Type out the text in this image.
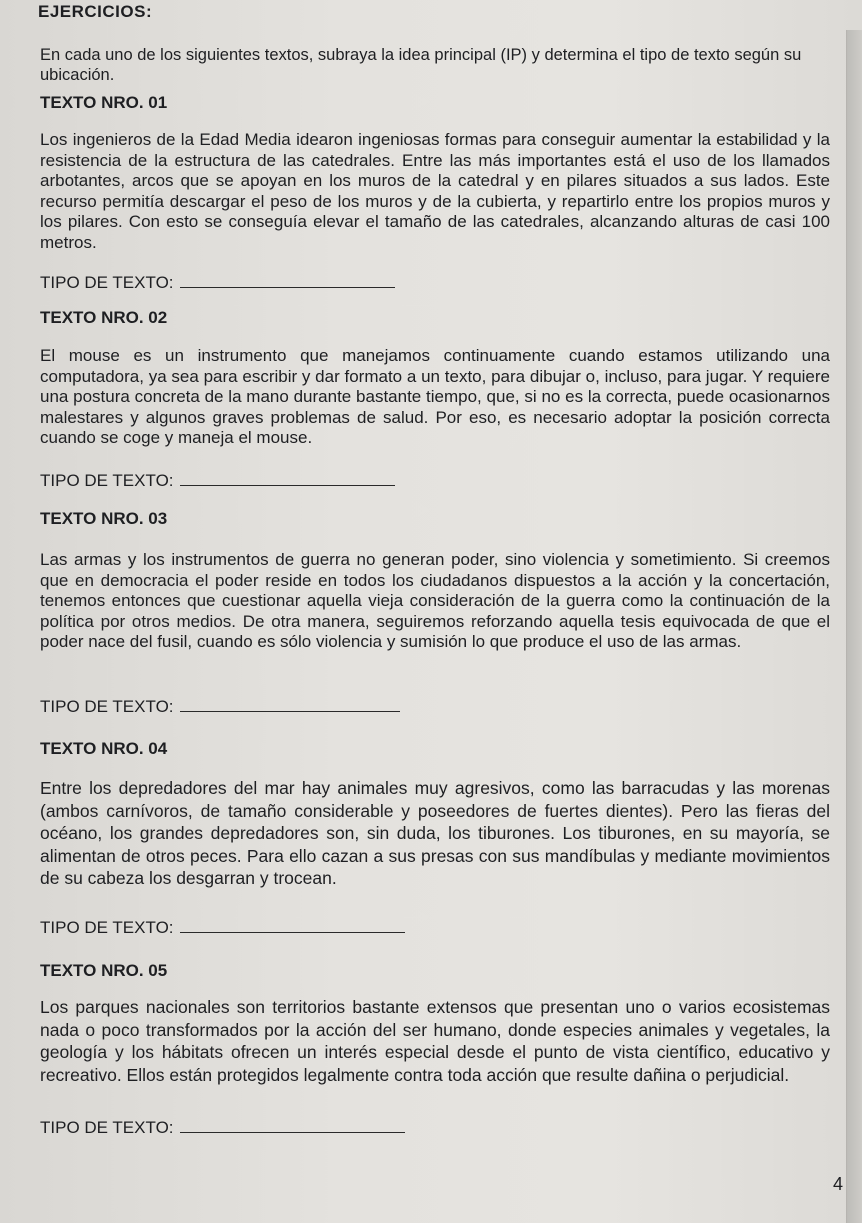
EJERCICIOS:
En cada uno de los siguientes textos, subraya la idea principal (IP) y determina el tipo de texto según su ubicación.
TEXTO NRO. 01
Los ingenieros de la Edad Media idearon ingeniosas formas para conseguir aumentar la estabilidad y la resistencia de la estructura de las catedrales. Entre las más importantes está el uso de los llamados arbotantes, arcos que se apoyan en los muros de la catedral y en pilares situados a sus lados. Este recurso permitía descargar el peso de los muros y de la cubierta, y repartirlo entre los propios muros y los pilares. Con esto se conseguía elevar el tamaño de las catedrales, alcanzando alturas de casi 100 metros.
TIPO DE TEXTO:
TEXTO NRO. 02
El mouse es un instrumento que manejamos continuamente cuando estamos utilizando una computadora, ya sea para escribir y dar formato a un texto, para dibujar o, incluso, para jugar. Y requiere una postura concreta de la mano durante bastante tiempo, que, si no es la correcta, puede ocasionarnos malestares y algunos graves problemas de salud. Por eso, es necesario adoptar la posición correcta cuando se coge y maneja el mouse.
TIPO DE TEXTO:
TEXTO NRO. 03
Las armas y los instrumentos de guerra no generan poder, sino violencia y sometimiento. Si creemos que en democracia el poder reside en todos los ciudadanos dispuestos a la acción y la concertación, tenemos entonces que cuestionar aquella vieja consideración de la guerra como la continuación de la política por otros medios. De otra manera, seguiremos reforzando aquella tesis equivocada de que el poder nace del fusil, cuando es sólo violencia y sumisión lo que produce el uso de las armas.
TIPO DE TEXTO:
TEXTO NRO. 04
Entre los depredadores del mar hay animales muy agresivos, como las barracudas y las morenas (ambos carnívoros, de tamaño considerable y poseedores de fuertes dientes). Pero las fieras del océano, los grandes depredadores son, sin duda, los tiburones. Los tiburones, en su mayoría, se alimentan de otros peces. Para ello cazan a sus presas con sus mandíbulas y mediante movimientos de su cabeza los desgarran y trocean.
TIPO DE TEXTO:
TEXTO NRO. 05
Los parques nacionales son territorios bastante extensos que presentan uno o varios ecosistemas nada o poco transformados por la acción del ser humano, donde especies animales y vegetales, la geología y los hábitats ofrecen un interés especial desde el punto de vista científico, educativo y recreativo. Ellos están protegidos legalmente contra toda acción que resulte dañina o perjudicial.
TIPO DE TEXTO:
4
